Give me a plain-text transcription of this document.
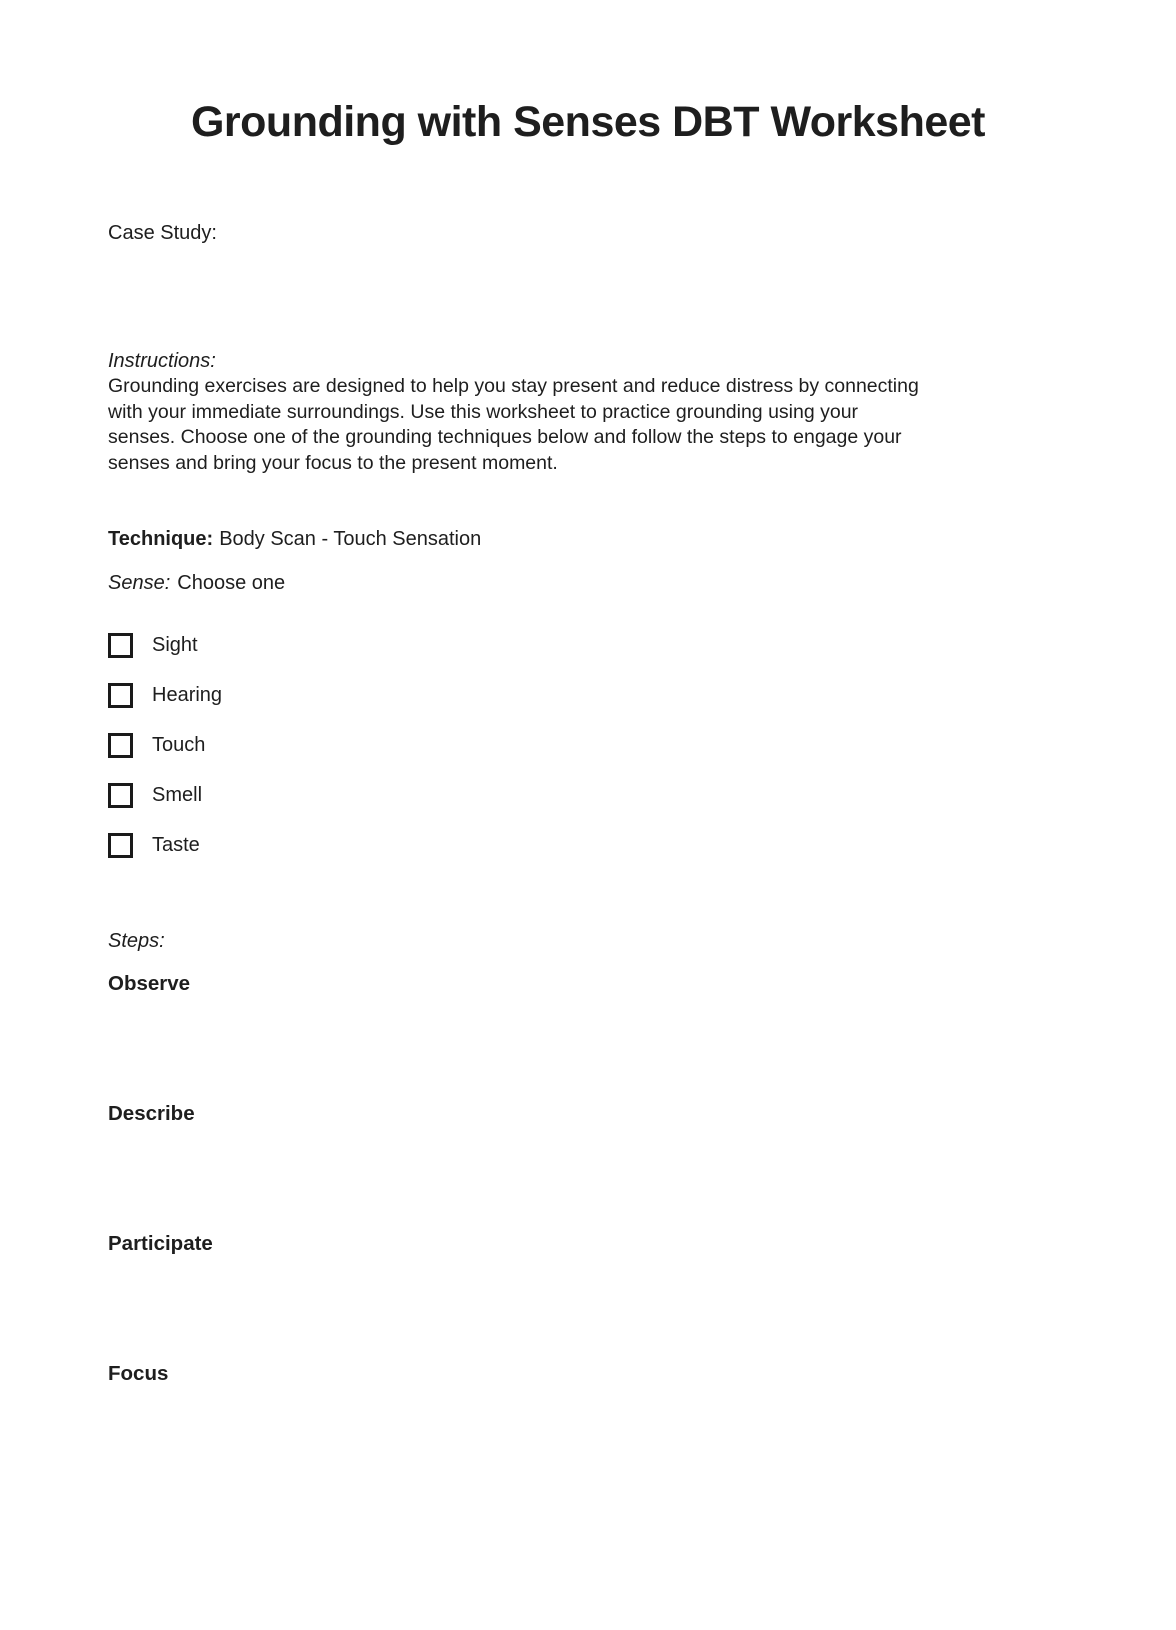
Grounding with Senses DBT Worksheet
Case Study:
Instructions:
Grounding exercises are designed to help you stay present and reduce distress by connecting
with your immediate surroundings. Use this worksheet to practice grounding using your
senses. Choose one of the grounding techniques below and follow the steps to engage your
senses and bring your focus to the present moment.
Technique: Body Scan - Touch Sensation
Sense: Choose one
Sight
Hearing
Touch
Smell
Taste
Steps:
Observe
Describe
Participate
Focus
